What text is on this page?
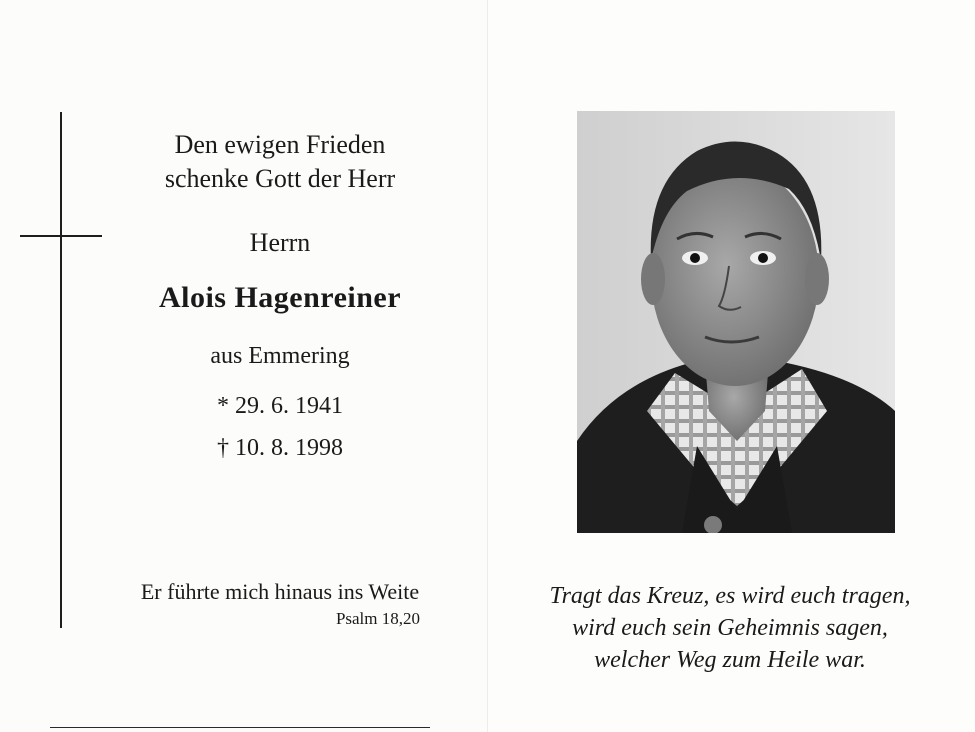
Den ewigen Frieden
schenke Gott der Herr
Herrn
Alois Hagenreiner
aus Emmering
* 29. 6. 1941
† 10. 8. 1998
Er führte mich hinaus ins Weite
Psalm 18,20
Tragt das Kreuz, es wird euch tragen,
wird euch sein Geheimnis sagen,
welcher Weg zum Heile war.
